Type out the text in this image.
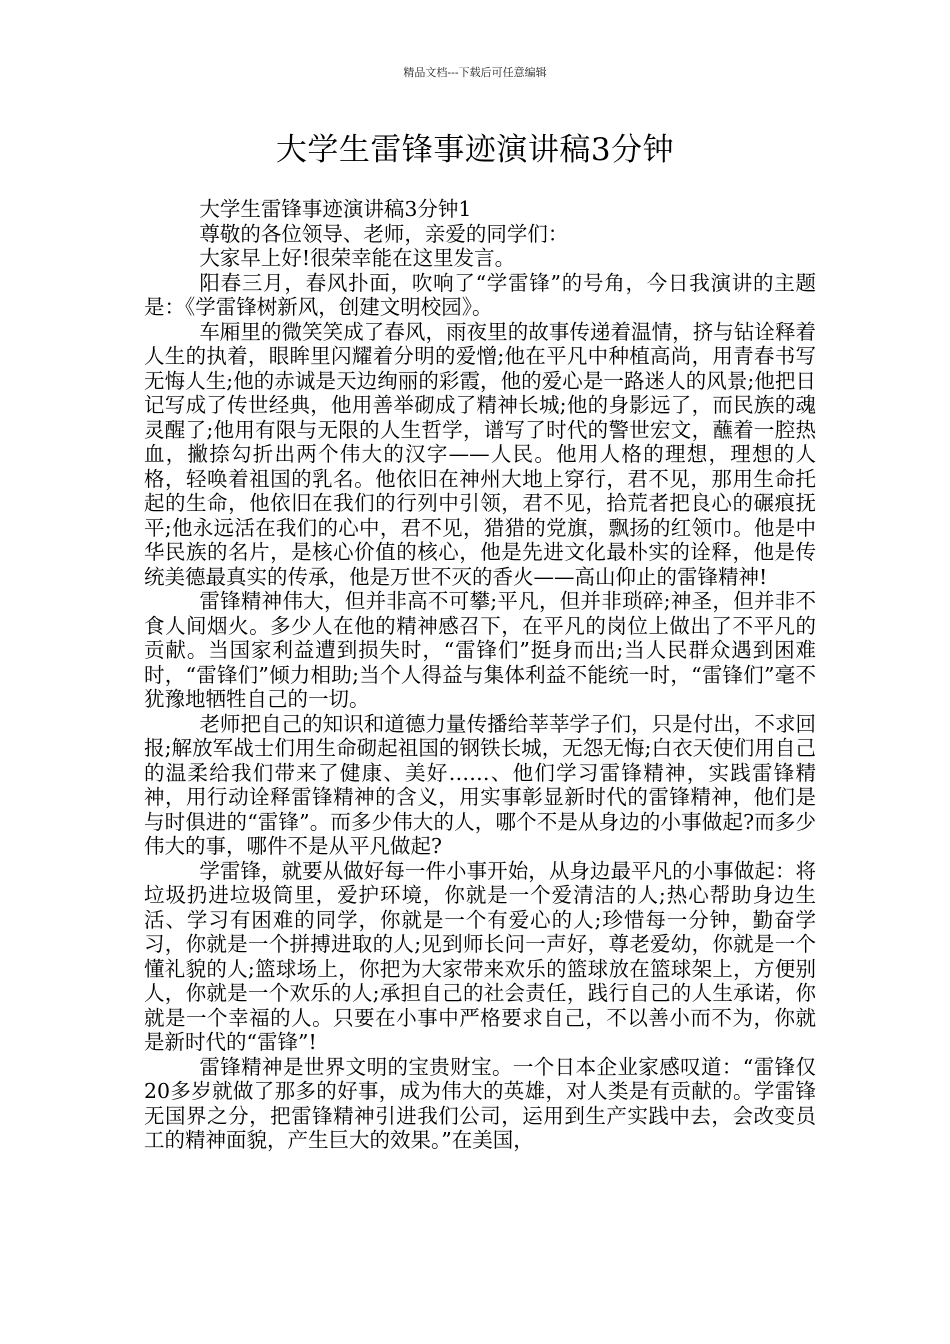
精品文档---下载后可任意编辑
大学生雷锋事迹演讲稿3分钟

大学生雷锋事迹演讲稿3分钟1

尊敬的各位领导、老师，亲爱的同学们：

大家早上好!很荣幸能在这里发言。

阳春三月，春风扑面，吹响了“学雷锋”的号角，今日我演讲的主题是：《学雷锋树新风，创建文明校园》。

车厢里的微笑笑成了春风，雨夜里的故事传递着温情，挤与钻诠释着人生的执着，眼眸里闪耀着分明的爱憎;他在平凡中种植高尚，用青春书写无悔人生;他的赤诚是天边绚丽的彩霞，他的爱心是一路迷人的风景;他把日记写成了传世经典，他用善举砌成了精神长城;他的身影远了，而民族的魂灵醒了;他用有限与无限的人生哲学，谱写了时代的警世宏文，蘸着一腔热血，撇捺勾折出两个伟大的汉字——人民。他用人格的理想，理想的人格，轻唤着祖国的乳名。他依旧在神州大地上穿行，君不见，那用生命托起的生命，他依旧在我们的行列中引领，君不见，拾荒者把良心的碾痕抚平;他永远活在我们的心中，君不见，猎猎的党旗，飘扬的红领巾。他是中华民族的名片，是核心价值的核心，他是先进文化最朴实的诠释，他是传统美德最真实的传承，他是万世不灭的香火——高山仰止的雷锋精神!

雷锋精神伟大，但并非高不可攀;平凡，但并非琐碎;神圣，但并非不食人间烟火。多少人在他的精神感召下，在平凡的岗位上做出了不平凡的贡献。当国家利益遭到损失时，“雷锋们”挺身而出;当人民群众遇到困难时，“雷锋们”倾力相助;当个人得益与集体利益不能统一时，“雷锋们”毫不犹豫地牺牲自己的一切。

老师把自己的知识和道德力量传播给莘莘学子们，只是付出，不求回报;解放军战士们用生命砌起祖国的钢铁长城，无怨无悔;白衣天使们用自己的温柔给我们带来了健康、美好……、他们学习雷锋精神，实践雷锋精神，用行动诠释雷锋精神的含义，用实事彰显新时代的雷锋精神，他们是与时俱进的“雷锋”。而多少伟大的人，哪个不是从身边的小事做起?而多少伟大的事，哪件不是从平凡做起?

学雷锋，就要从做好每一件小事开始，从身边最平凡的小事做起：将垃圾扔进垃圾筒里，爱护环境，你就是一个爱清洁的人;热心帮助身边生活、学习有困难的同学，你就是一个有爱心的人;珍惜每一分钟，勤奋学习，你就是一个拼搏进取的人;见到师长问一声好，尊老爱幼，你就是一个懂礼貌的人;篮球场上，你把为大家带来欢乐的篮球放在篮球架上，方便别人，你就是一个欢乐的人;承担自己的社会责任，践行自己的人生承诺，你就是一个幸福的人。只要在小事中严格要求自己，不以善小而不为，你就是新时代的“雷锋”!

雷锋精神是世界文明的宝贵财宝。一个日本企业家感叹道：“雷锋仅20多岁就做了那多的好事，成为伟大的英雄，对人类是有贡献的。学雷锋无国界之分，把雷锋精神引进我们公司，运用到生产实践中去，会改变员工的精神面貌，产生巨大的效果。”在美国，
